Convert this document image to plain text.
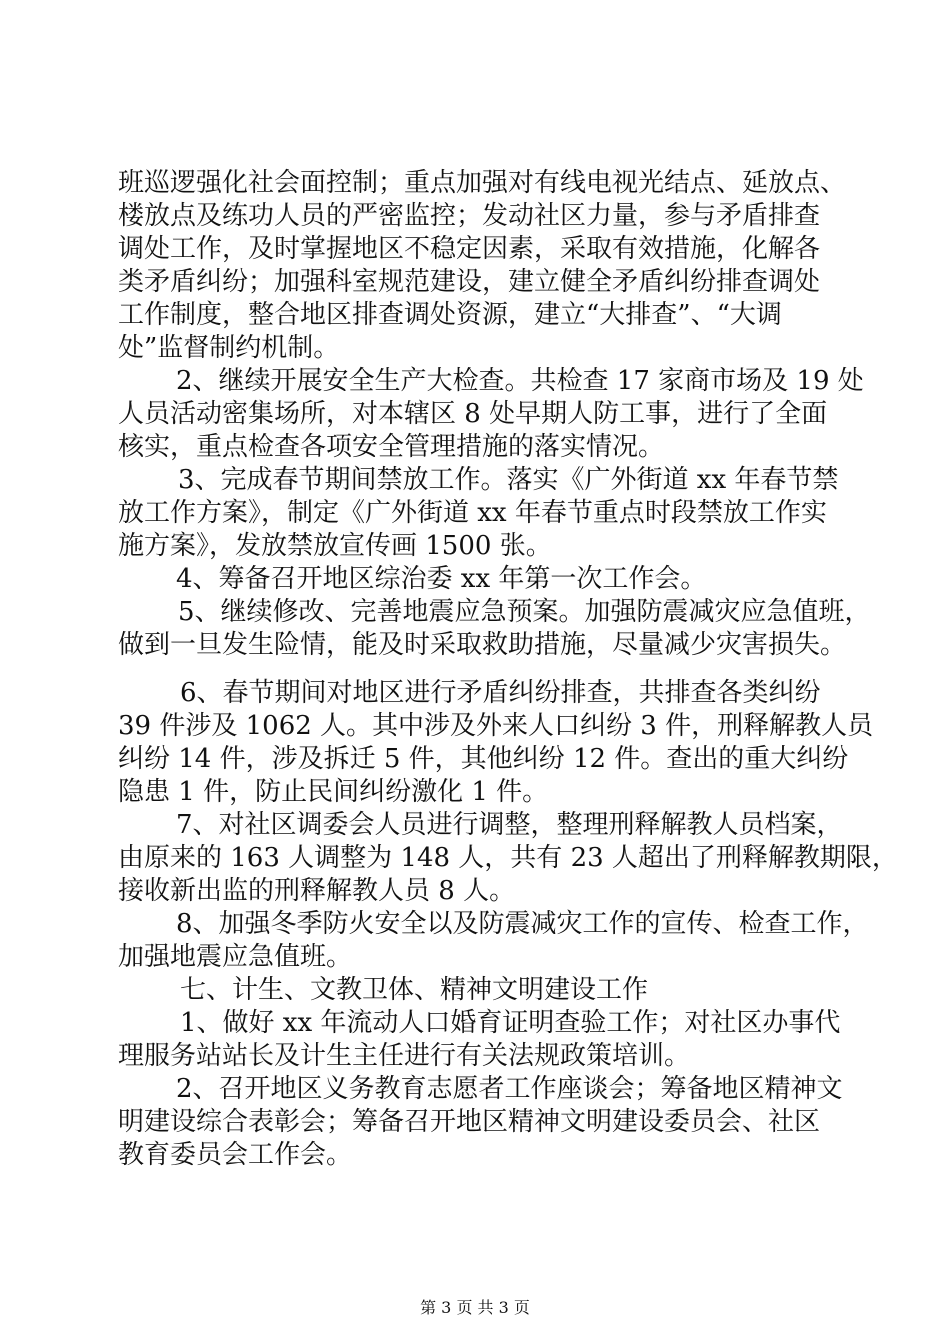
班巡逻强化社会面控制；重点加强对有线电视光结点、延放点、
楼放点及练功人员的严密监控；发动社区力量，参与矛盾排查
调处工作，及时掌握地区不稳定因素，采取有效措施，化解各
类矛盾纠纷；加强科室规范建设，建立健全矛盾纠纷排查调处
工作制度，整合地区排查调处资源，建立“大排查”、“大调
处”监督制约机制。
2、继续开展安全生产大检查。共检查 17 家商市场及 19 处
人员活动密集场所，对本辖区 8 处早期人防工事，进行了全面
核实，重点检查各项安全管理措施的落实情况。
3、完成春节期间禁放工作。落实《广外街道 xx 年春节禁
放工作方案》，制定《广外街道 xx 年春节重点时段禁放工作实
施方案》，发放禁放宣传画 1500 张。
4、筹备召开地区综治委 xx 年第一次工作会。
5、继续修改、完善地震应急预案。加强防震减灾应急值班，
做到一旦发生险情，能及时采取救助措施，尽量减少灾害损失。
6、春节期间对地区进行矛盾纠纷排查，共排查各类纠纷
39 件涉及 1062 人。其中涉及外来人口纠纷 3 件，刑释解教人员
纠纷 14 件，涉及拆迁 5 件，其他纠纷 12 件。查出的重大纠纷
隐患 1 件，防止民间纠纷激化 1 件。
7、对社区调委会人员进行调整，整理刑释解教人员档案，
由原来的 163 人调整为 148 人，共有 23 人超出了刑释解教期限，
接收新出监的刑释解教人员 8 人。
8、加强冬季防火安全以及防震减灾工作的宣传、检查工作，
加强地震应急值班。
七、计生、文教卫体、精神文明建设工作
1、做好 xx 年流动人口婚育证明查验工作；对社区办事代
理服务站站长及计生主任进行有关法规政策培训。
2、召开地区义务教育志愿者工作座谈会；筹备地区精神文
明建设综合表彰会；筹备召开地区精神文明建设委员会、社区
教育委员会工作会。
第 3 页 共 3 页
